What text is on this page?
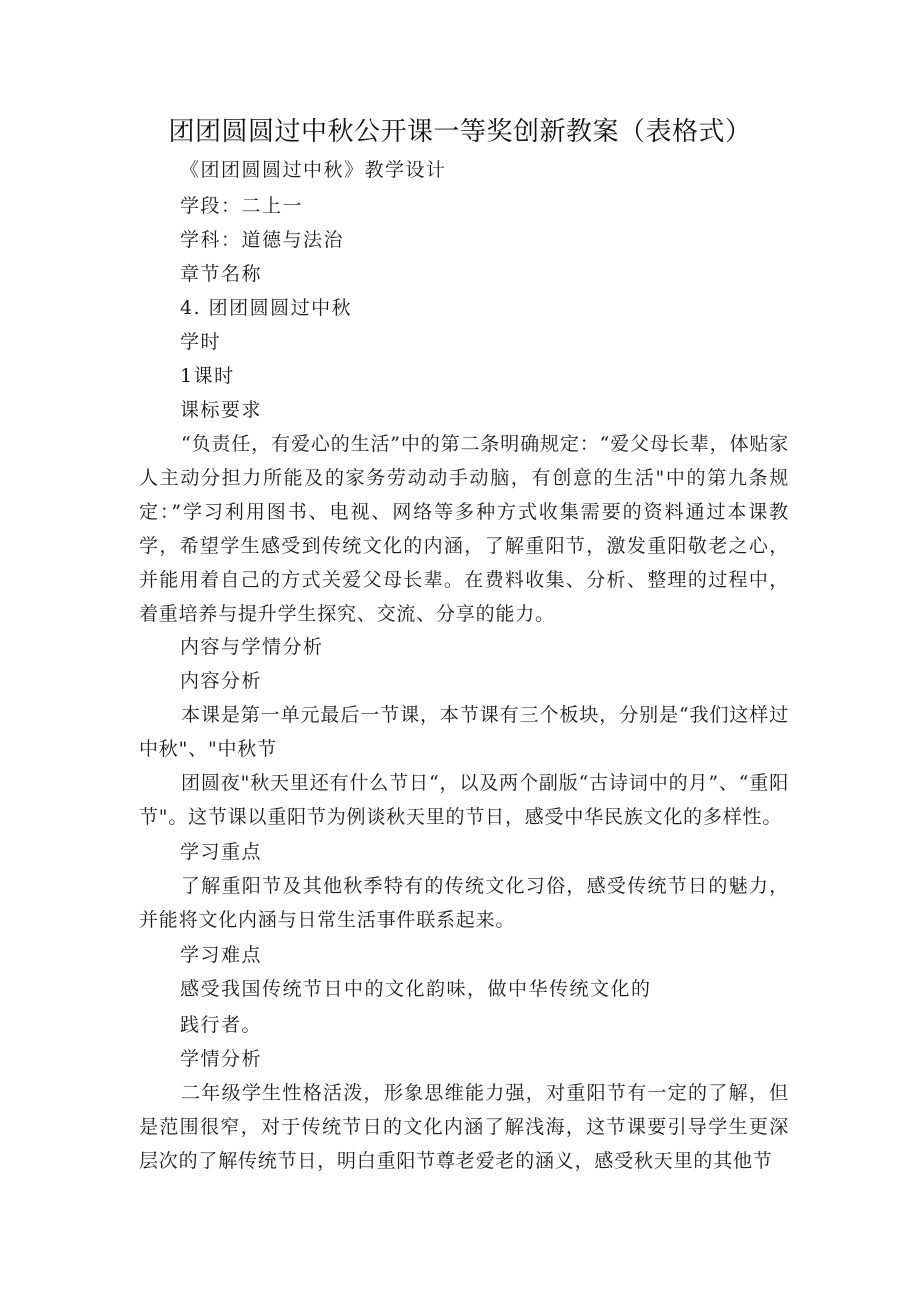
团团圆圆过中秋公开课一等奖创新教案（表格式）
《团团圆圆过中秋》教学设计
学段：二上一
学科：道德与法治
章节名称
4. 团团圆圆过中秋
学时
1课时
课标要求
“负责任，有爱心的生活”中的第二条明确规定：“爱父母长辈，体贴家人主动分担力所能及的家务劳动动手动脑，有创意的生活"中的第九条规定：”学习利用图书、电视、网络等多种方式收集需要的资料通过本课教学，希望学生感受到传统文化的内涵，了解重阳节，激发重阳敬老之心，并能用着自己的方式关爱父母长辈。在费料收集、分析、整理的过程中，着重培养与提升学生探究、交流、分享的能力。
内容与学情分析
内容分析
本课是第一单元最后一节课，本节课有三个板块，分别是“我们这样过中秋"、"中秋节
团圆夜"秋天里还有什么节日“，以及两个副版“古诗词中的月”、“重阳节"。这节课以重阳节为例谈秋天里的节日，感受中华民族文化的多样性。
学习重点
了解重阳节及其他秋季特有的传统文化习俗，感受传统节日的魅力，并能将文化内涵与日常生活事件联系起来。
学习难点
感受我国传统节日中的文化韵味，做中华传统文化的
践行者。
学情分析
二年级学生性格活泼，形象思维能力强，对重阳节有一定的了解，但是范围很窄，对于传统节日的文化内涵了解浅海，这节课要引导学生更深层次的了解传统节日，明白重阳节尊老爱老的涵义，感受秋天里的其他节
